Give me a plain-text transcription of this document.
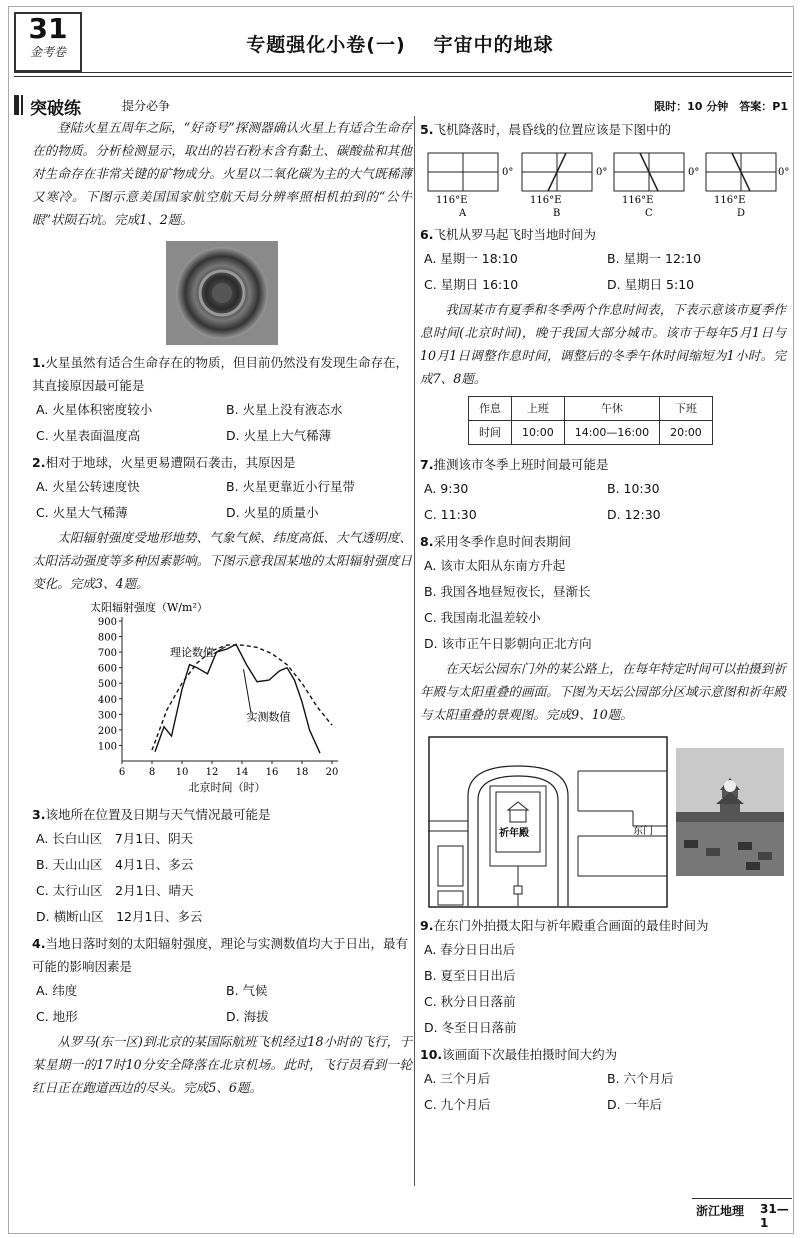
31
金考卷	专题强化小卷(一) 宇宙中的地球
突破练	提分必争	限时：10 分钟　答案：P1

登陆火星五周年之际，“好奇号”探测器确认火星上有适合生命存在的物质。分析检测显示，取出的岩石粉末含有黏土、碳酸盐和其他对生命存在非常关键的矿物成分。火星以二氧化碳为主的大气既稀薄又寒冷。下图示意美国国家航空航天局分辨率照相机拍到的“公牛眼”状陨石坑。完成1、2题。

1.火星虽然有适合生命存在的物质，但目前仍然没有发现生命存在，其直接原因最可能是
A. 火星体积密度较小	B. 火星上没有液态水
C. 火星表面温度高	D. 火星上大气稀薄
2.相对于地球，火星更易遭陨石袭击，其原因是
A. 火星公转速度快	B. 火星更靠近小行星带
C. 火星大气稀薄	D. 火星的质量小

太阳辐射强度受地形地势、气象气候、纬度高低、大气透明度、太阳活动强度等多种因素影响。下图示意我国某地的太阳辐射强度日变化。完成3、4题。

太阳辐射强度（W/m²）
100
200
300
400
500
600
700
800
900
6 8 10 12 14 16 18 20
北京时间（时）
理论数值
实测数值
3.该地所在位置及日期与天气情况最可能是
A. 长白山区　7月1日、阴天
B. 天山山区　4月1日、多云
C. 太行山区　2月1日、晴天
D. 横断山区　12月1日、多云
4.当地日落时刻的太阳辐射强度，理论与实测数值均大于日出，最有可能的影响因素是
A. 纬度	B. 气候
C. 地形	D. 海拔

从罗马(东一区)到北京的某国际航班飞机经过18小时的飞行，于某星期一的17时10分安全降落在北京机场。此时，飞行员看到一轮红日正在跑道西边的尽头。完成5、6题。

5.飞机降落时，晨昏线的位置应该是下图中的
0°
116°E
A
0°
116°E
B
0°
116°E
C
0°
116°E
D
6.飞机从罗马起飞时当地时间为
A. 星期一 18:10	B. 星期一 12:10
C. 星期日 16:10	D. 星期日 5:10

我国某市有夏季和冬季两个作息时间表，下表示意该市夏季作息时间(北京时间)，晚于我国大部分城市。该市于每年5月1日与10月1日调整作息时间，调整后的冬季午休时间缩短为1小时。完成7、8题。

作息	上班	午休	下班
时间	10:00	14:00—16:00	20:00
7.推测该市冬季上班时间最可能是
A. 9:30	B. 10:30
C. 11:30	D. 12:30
8.采用冬季作息时间表期间
A. 该市太阳从东南方升起
B. 我国各地昼短夜长，昼渐长
C. 我国南北温差较小
D. 该市正午日影朝向正北方向

在天坛公园东门外的某公路上，在每年特定时间可以拍摄到祈年殿与太阳重叠的画面。下图为天坛公园部分区域示意图和祈年殿与太阳重叠的景观图。完成9、10题。

祈年殿	东门
9.在东门外拍摄太阳与祈年殿重合画面的最佳时间为
A. 春分日日出后
B. 夏至日日出后
C. 秋分日日落前
D. 冬至日日落前
10.该画面下次最佳拍摄时间大约为
A. 三个月后	B. 六个月后
C. 九个月后	D. 一年后
浙江地理 31—1
